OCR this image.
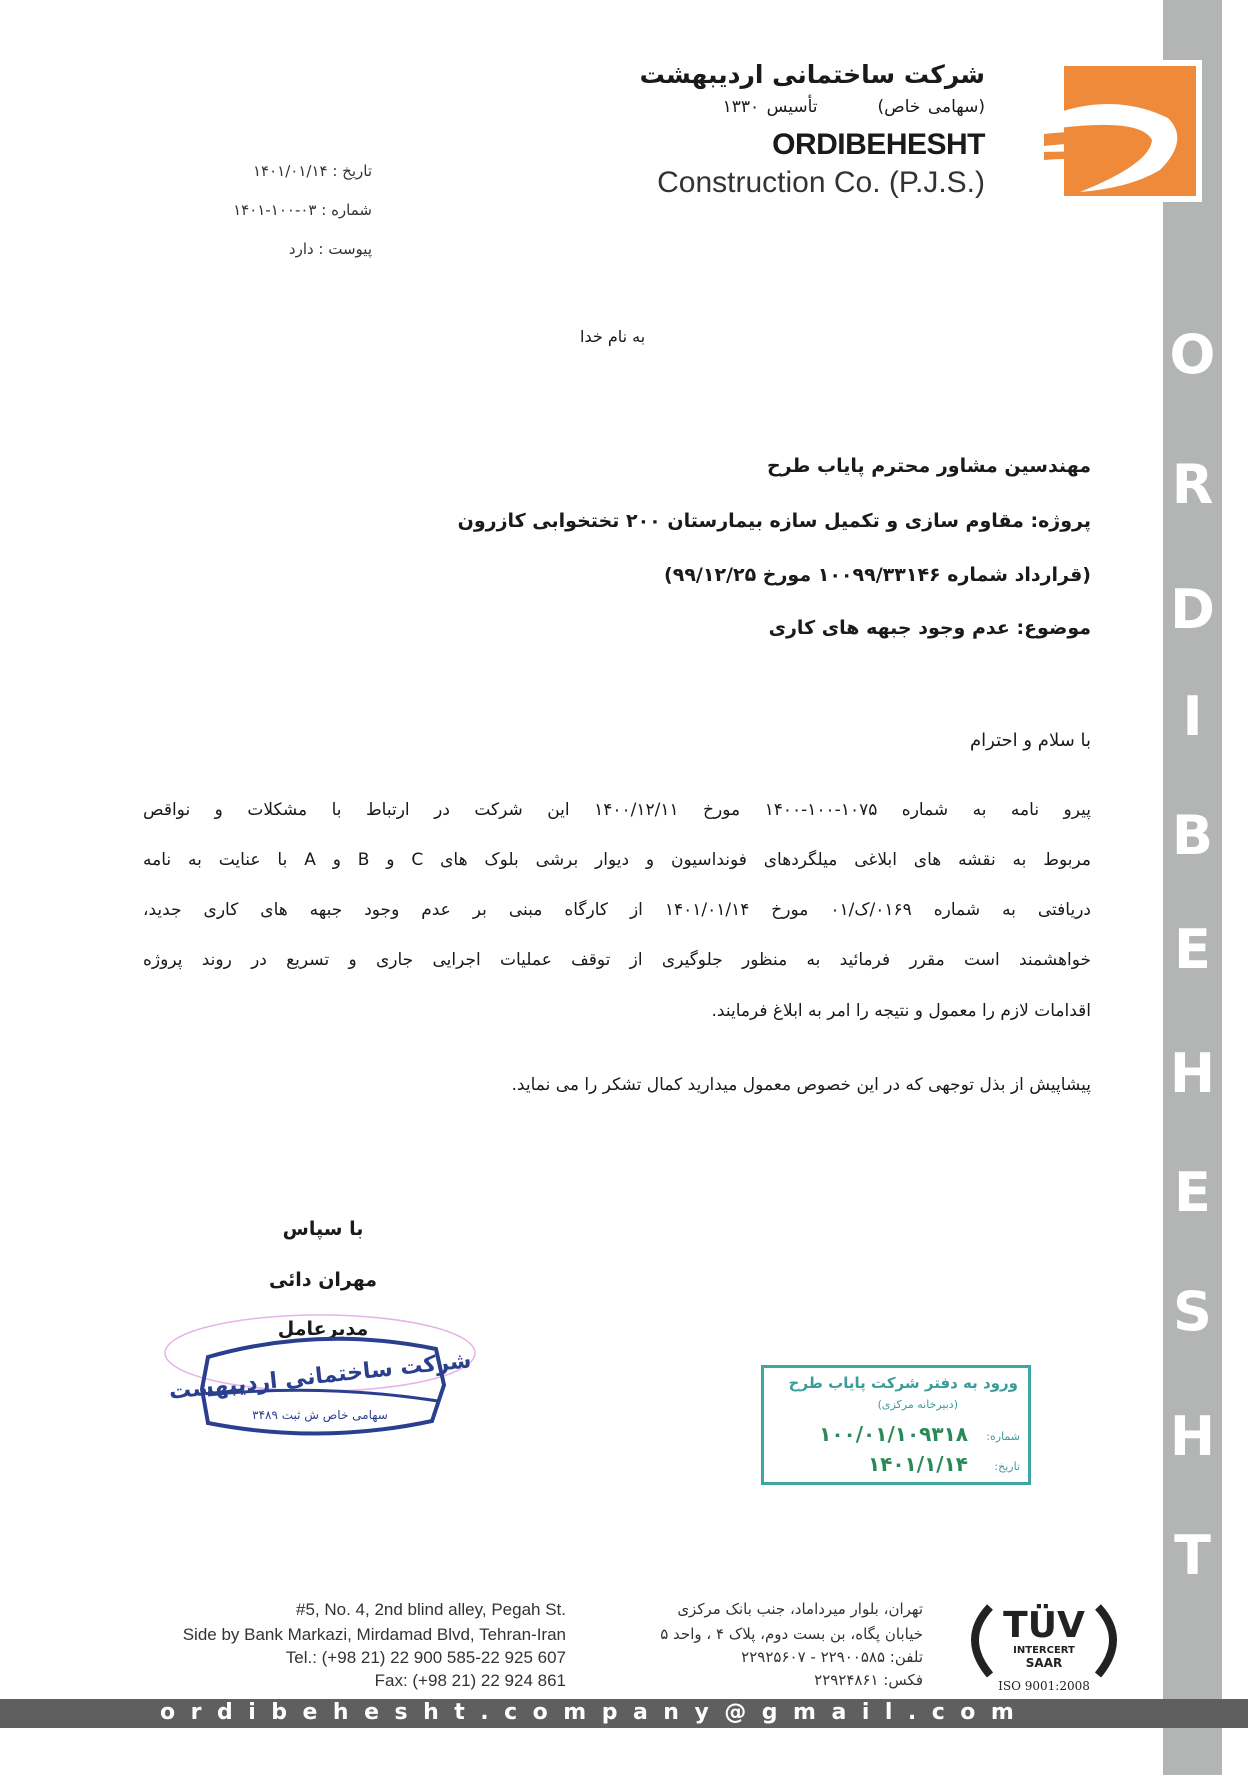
O
R
D
I
B
E
H
E
S
H
T
شرکت ساختمانی اردیبهشت
(سهامی خاص)تأسیس ۱۳۳۰
ORDIBEHESHT
Construction Co. (P.J.S.)
تاریخ : ۱۴۰۱/۰۱/۱۴
شماره : ۰۳-۱۰۰-۱۴۰۱
پیوست : دارد
به نام خدا
مهندسین مشاور محترم پایاب طرح
پروژه: مقاوم سازی و تکمیل سازه بیمارستان ۲۰۰ تختخوابی کازرون
(قرارداد شماره ۱۰۰۹۹/۳۳۱۴۶ مورخ ۹۹/۱۲/۲۵)
موضوع: عدم وجود جبهه های کاری
با سلام و احترام
پیرو نامه به شماره ۱۰۷۵-۱۰۰-۱۴۰۰ مورخ ۱۴۰۰/۱۲/۱۱ این شرکت در ارتباط با مشکلات و نواقص
مربوط به نقشه های ابلاغی میلگردهای فونداسیون و دیوار برشی بلوک های C و B و A با عنایت به نامه
دریافتی به شماره ۰۱۶۹/ک/۰۱ مورخ ۱۴۰۱/۰۱/۱۴ از کارگاه مبنی بر عدم وجود جبهه های کاری جدید،
خواهشمند است مقرر فرمائید به منظور جلوگیری از توقف عملیات اجرایی جاری و تسریع در روند پروژه
اقدامات لازم را معمول و نتیجه را امر به ابلاغ فرمایند.
پیشاپیش از بذل توجهی که در این خصوص معمول میدارید کمال تشکر را می نماید.
با سپاس
مهران دائی
مدیرعامل
شرکت ساختمانی اردیبهشت
سهامی خاص ش ثبت ۳۴۸۹
ورود به دفتر شرکت پایاب طرح
(دبیرخانه مرکزی)
شماره:
۱۰۰/۰۱/۱۰۹۳۱۸
تاریخ:
۱۴۰۱/۱/۱۴
TÜV
INTERCERT
SAAR
ISO 9001:2008
تهران، بلوار میرداماد، جنب بانک مرکزی
خیابان پگاه، بن بست دوم، پلاک ۴ ، واحد ۵
تلفن: ۲۲۹۰۰۵۸۵ - ۲۲۹۲۵۶۰۷
فکس: ۲۲۹۲۴۸۶۱
#5, No. 4, 2nd blind alley, Pegah St.
Side by Bank Markazi, Mirdamad Blvd, Tehran-Iran
Tel.: (+98 21) 22 900 585-22 925 607
Fax: (+98 21) 22 924 861
ordibehesht.company@gmail.com
